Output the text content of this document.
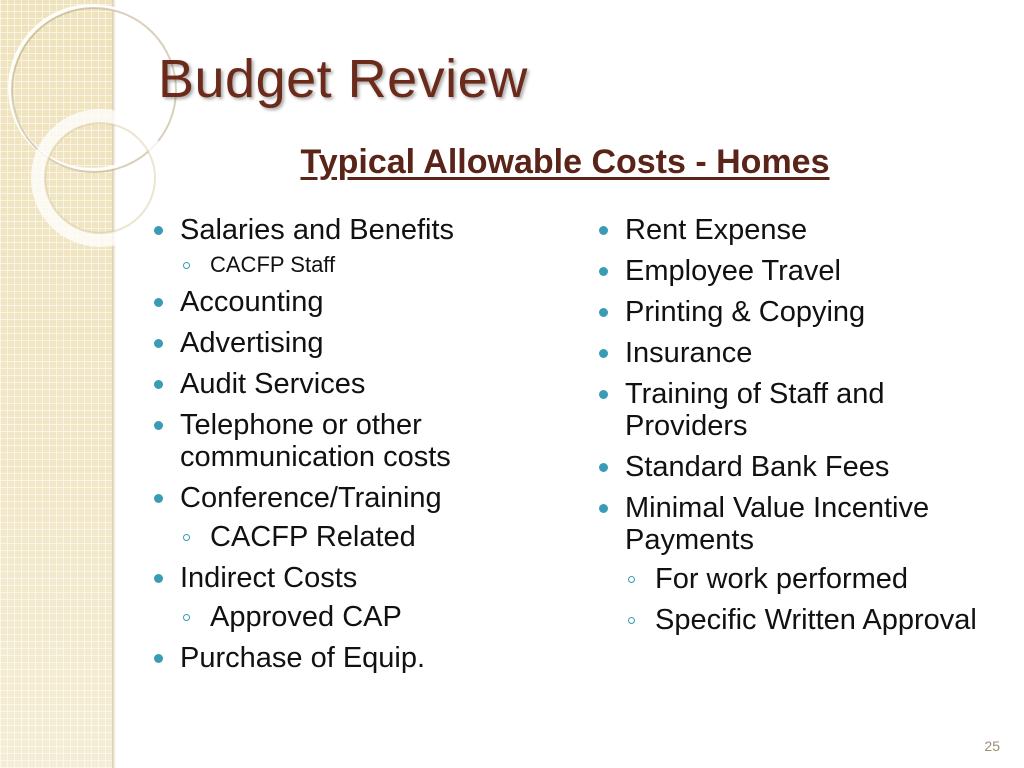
Budget Review
Typical Allowable Costs - Homes
Salaries and Benefits
CACFP Staff
Accounting
Advertising
Audit Services
Telephone or other communication costs
Conference/Training
CACFP Related
Indirect Costs
Approved CAP
Purchase of Equip.
Rent Expense
Employee Travel
Printing & Copying
Insurance
Training of Staff and Providers
Standard Bank Fees
Minimal Value Incentive Payments
For work performed
Specific Written Approval
25
